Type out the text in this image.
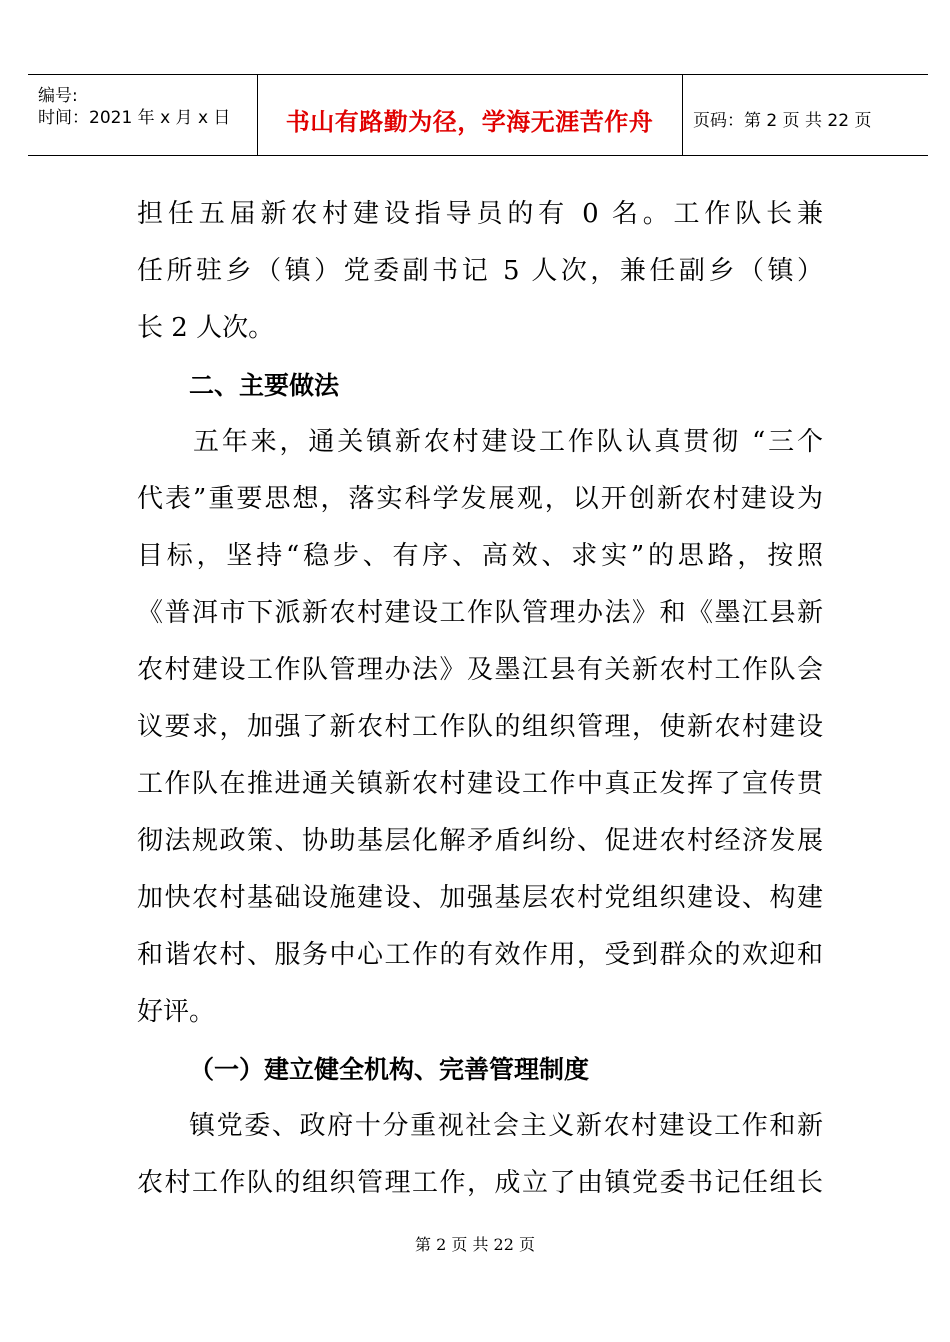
编号:
时间：2021 年 x 月 x 日	书山有路勤为径，学海无涯苦作舟	页码：第 2 页 共 22 页
担任五届新农村建设指导员的有 0 名。工作队长兼
任所驻乡（镇）党委副书记 5 人次，兼任副乡（镇）
长 2 人次。
二、主要做法
五年来，通关镇新农村建设工作队认真贯彻 “三个
代表”重要思想，落实科学发展观，以开创新农村建设为
目标，坚持“稳步、有序、高效、求实”的思路，按照
《普洱市下派新农村建设工作队管理办法》和《墨江县新
农村建设工作队管理办法》及墨江县有关新农村工作队会
议要求，加强了新农村工作队的组织管理，使新农村建设
工作队在推进通关镇新农村建设工作中真正发挥了宣传贯
彻法规政策、协助基层化解矛盾纠纷、促进农村经济发展
加快农村基础设施建设、加强基层农村党组织建设、构建
和谐农村、服务中心工作的有效作用，受到群众的欢迎和
好评。
（一）建立健全机构、完善管理制度
镇党委、政府十分重视社会主义新农村建设工作和新
农村工作队的组织管理工作，成立了由镇党委书记任组长
第 2 页 共 22 页
